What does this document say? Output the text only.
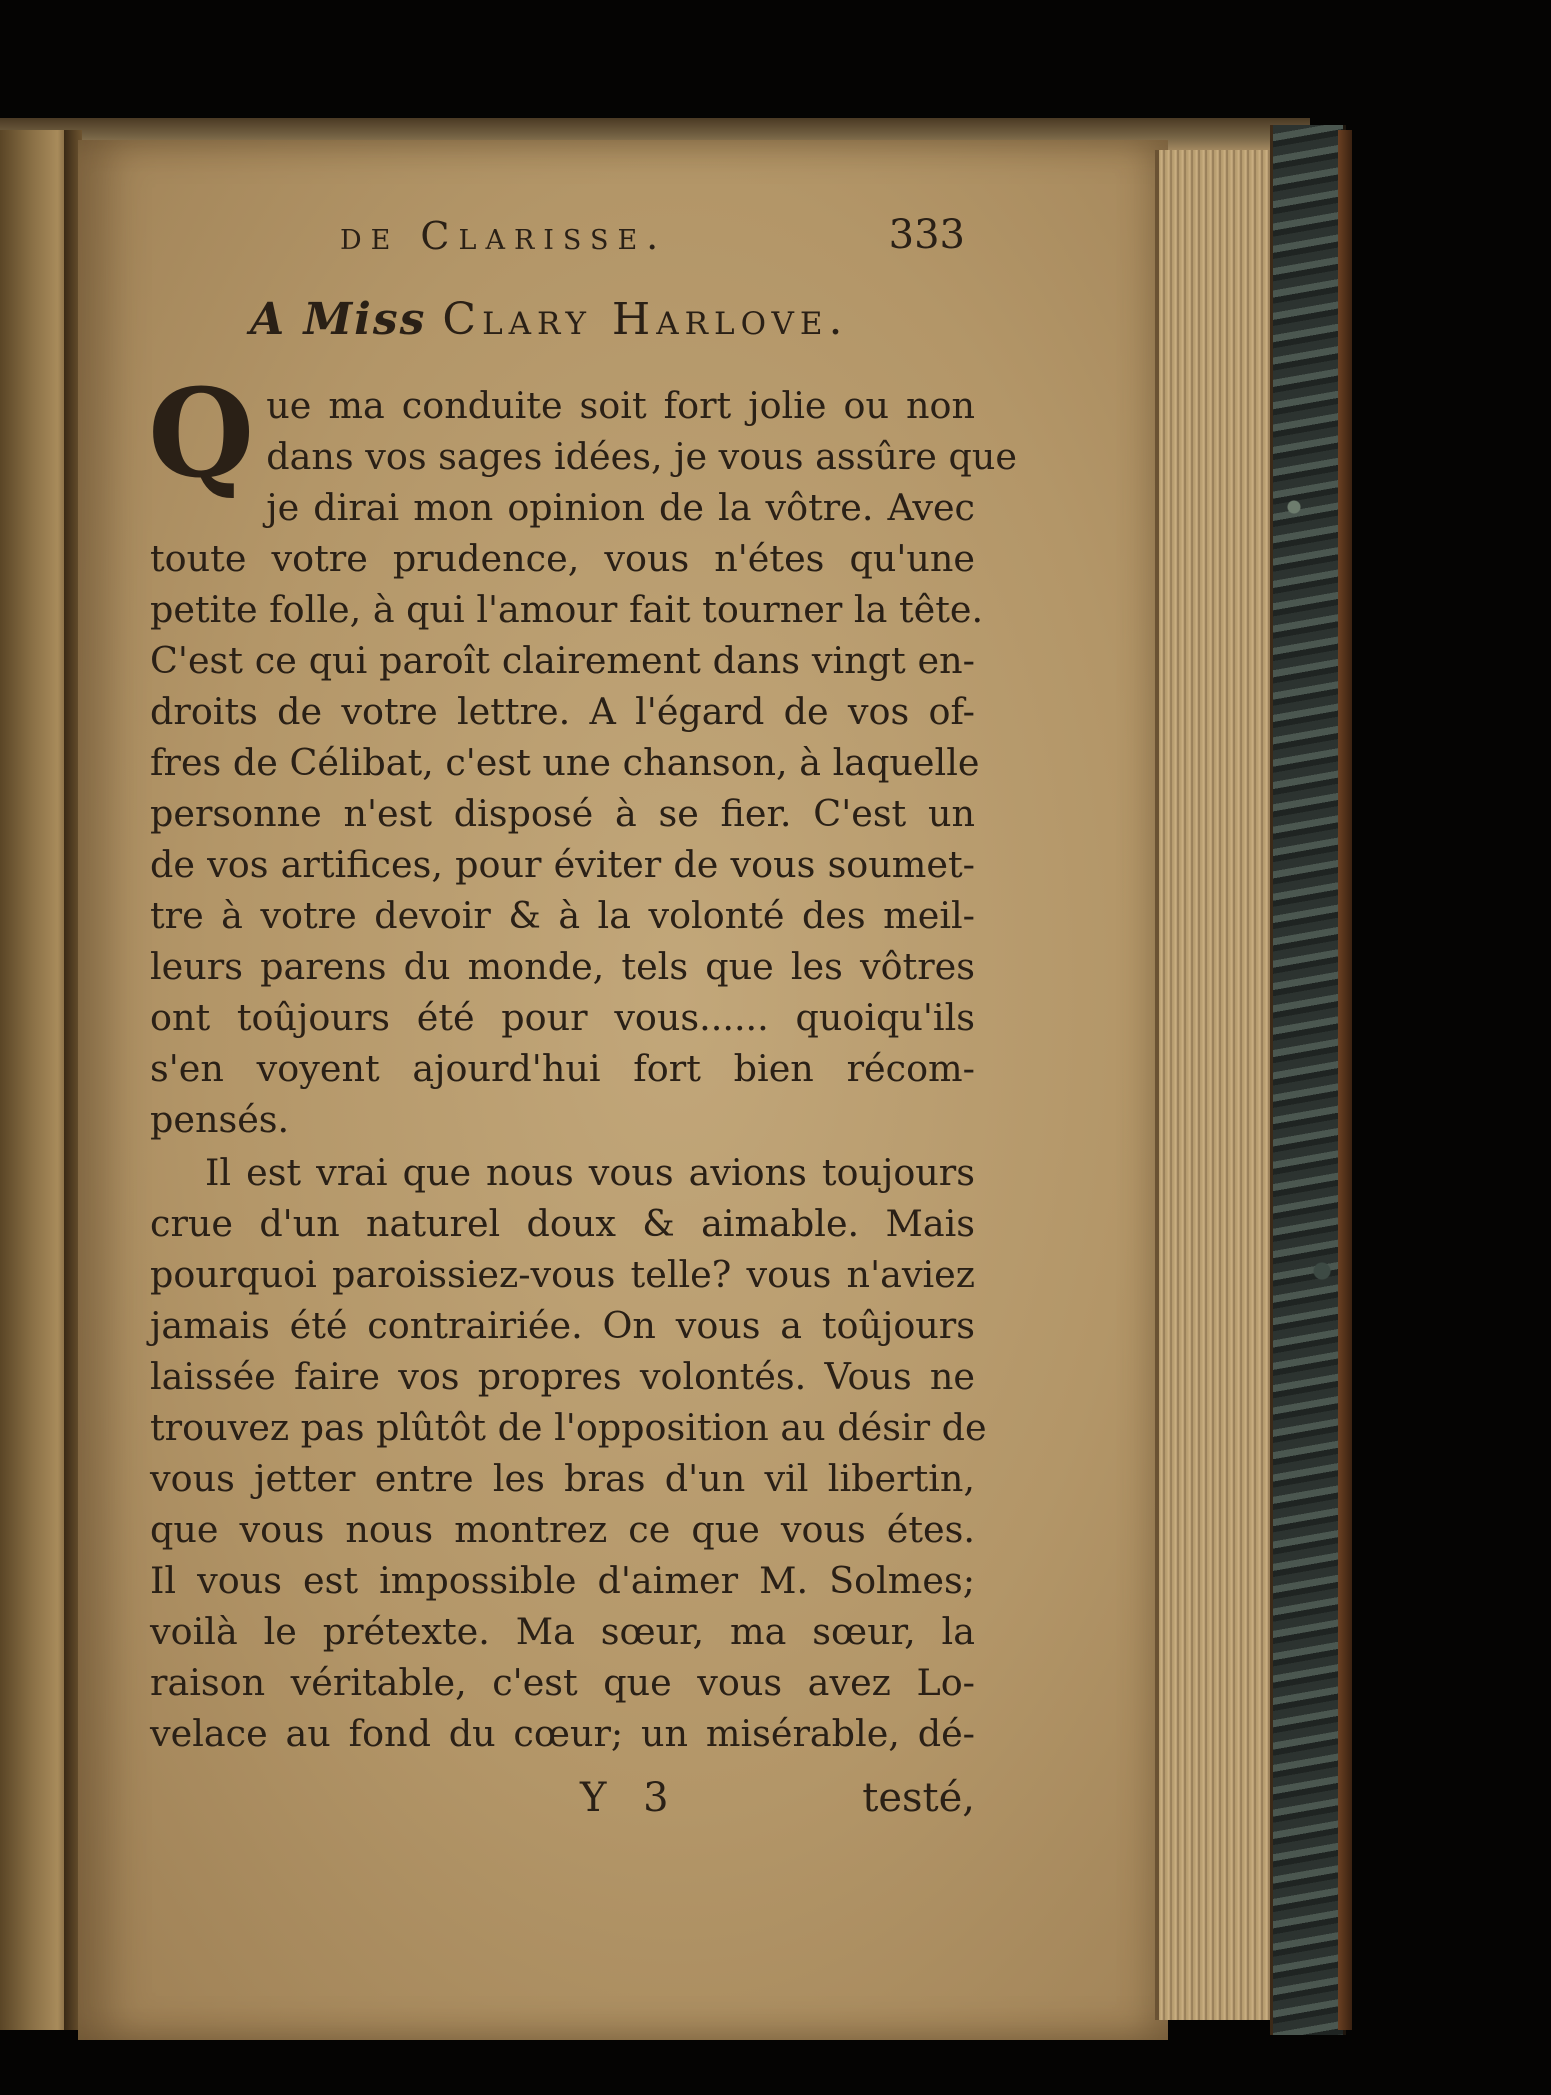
de Clarisse.	333
A Miss Clary Harlove.
Q ue ma conduite soit fort jolie ou non
dans vos sages idées, je vous assûre que
je dirai mon opinion de la vôtre. Avec
toute votre prudence, vous n'étes qu'une
petite folle, à qui l'amour fait tourner la tête.
C'est ce qui paroît clairement dans vingt en-
droits de votre lettre. A l'égard de vos of-
fres de Célibat, c'est une chanson, à laquelle
personne n'est disposé à se fier. C'est un
de vos artifices, pour éviter de vous soumet-
tre à votre devoir & à la volonté des meil-
leurs parens du monde, tels que les vôtres
ont toûjours été pour vous...... quoiqu'ils
s'en voyent ajourd'hui fort bien récom-
pensés.
Il est vrai que nous vous avions toujours
crue d'un naturel doux & aimable. Mais
pourquoi paroissiez-vous telle? vous n'aviez
jamais été contrairiée. On vous a toûjours
laissée faire vos propres volontés. Vous ne
trouvez pas plûtôt de l'opposition au désir de
vous jetter entre les bras d'un vil libertin,
que vous nous montrez ce que vous étes.
Il vous est impossible d'aimer M. Solmes;
voilà le prétexte. Ma sœur, ma sœur, la
raison véritable, c'est que vous avez Lo-
velace au fond du cœur; un misérable, dé-
Y 3	testé,
